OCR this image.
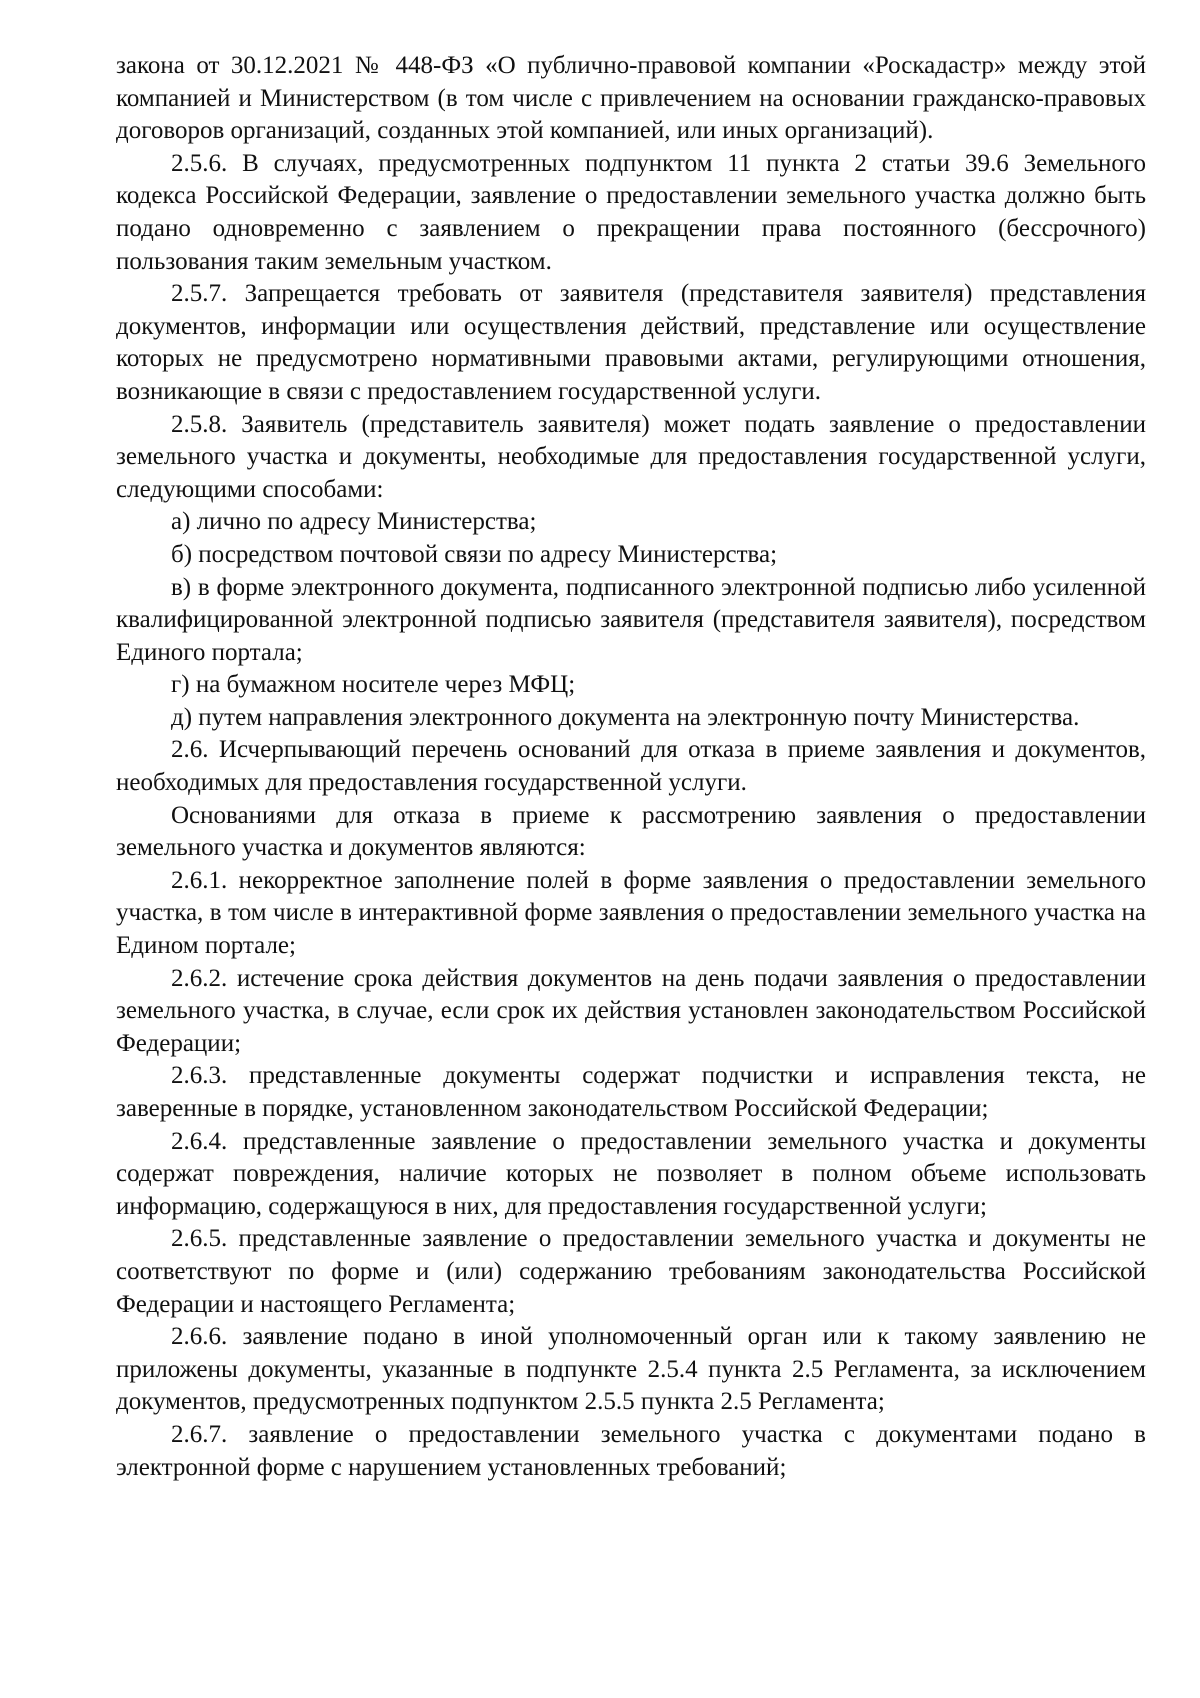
закона от 30.12.2021 № 448-ФЗ «О публично-правовой компании «Роскадастр» между этой компанией и Министерством (в том числе с привлечением на основании гражданско-правовых договоров организаций, созданных этой компанией, или иных организаций).

2.5.6. В случаях, предусмотренных подпунктом 11 пункта 2 статьи 39.6 Земельного кодекса Российской Федерации, заявление о предоставлении земельного участка должно быть подано одновременно с заявлением о прекращении права постоянного (бессрочного) пользования таким земельным участком.

2.5.7. Запрещается требовать от заявителя (представителя заявителя) представления документов, информации или осуществления действий, представление или осуществление которых не предусмотрено нормативными правовыми актами, регулирующими отношения, возникающие в связи с предоставлением государственной услуги.

2.5.8. Заявитель (представитель заявителя) может подать заявление о предоставлении земельного участка и документы, необходимые для предоставления государственной услуги, следующими способами:

а) лично по адресу Министерства;

б) посредством почтовой связи по адресу Министерства;

в) в форме электронного документа, подписанного электронной подписью либо усиленной квалифицированной электронной подписью заявителя (представителя заявителя), посредством Единого портала;

г) на бумажном носителе через МФЦ;

д) путем направления электронного документа на электронную почту Министерства.

2.6. Исчерпывающий перечень оснований для отказа в приеме заявления и документов, необходимых для предоставления государственной услуги.

Основаниями для отказа в приеме к рассмотрению заявления о предоставлении земельного участка и документов являются:

2.6.1. некорректное заполнение полей в форме заявления о предоставлении земельного участка, в том числе в интерактивной форме заявления о предоставлении земельного участка на Едином портале;

2.6.2. истечение срока действия документов на день подачи заявления о предоставлении земельного участка, в случае, если срок их действия установлен законодательством Российской Федерации;

2.6.3. представленные документы содержат подчистки и исправления текста, не заверенные в порядке, установленном законодательством Российской Федерации;

2.6.4. представленные заявление о предоставлении земельного участка и документы содержат повреждения, наличие которых не позволяет в полном объеме использовать информацию, содержащуюся в них, для предоставления государственной услуги;

2.6.5. представленные заявление о предоставлении земельного участка и документы не соответствуют по форме и (или) содержанию требованиям законодательства Российской Федерации и настоящего Регламента;

2.6.6. заявление подано в иной уполномоченный орган или к такому заявлению не приложены документы, указанные в подпункте 2.5.4 пункта 2.5 Регламента, за исключением документов, предусмотренных подпунктом 2.5.5 пункта 2.5 Регламента;

2.6.7. заявление о предоставлении земельного участка с документами подано в электронной форме с нарушением установленных требований;
